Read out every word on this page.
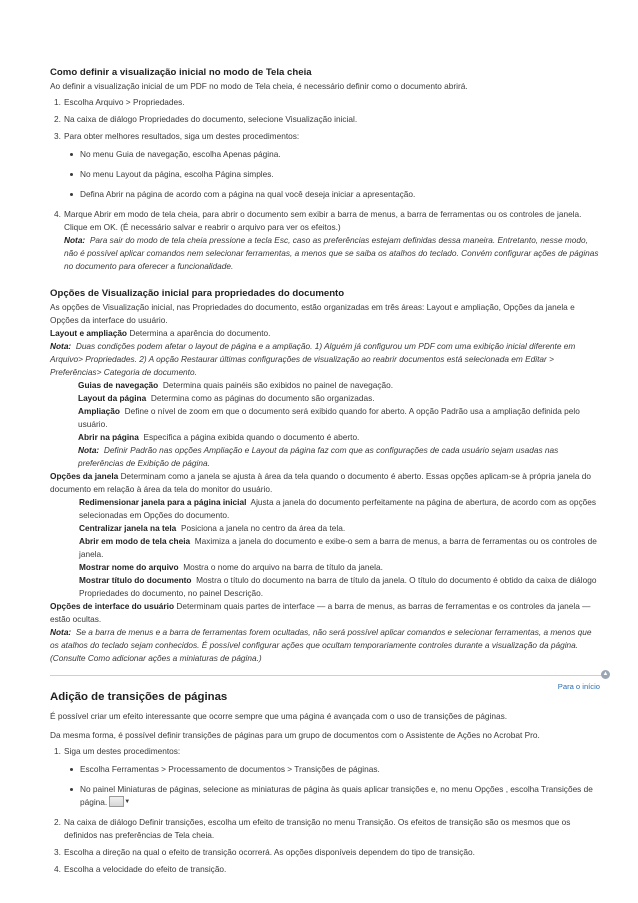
Como definir a visualização inicial no modo de Tela cheia

Ao definir a visualização inicial de um PDF no modo de Tela cheia, é necessário definir como o documento abrirá.

1. Escolha Arquivo > Propriedades.
2. Na caixa de diálogo Propriedades do documento, selecione Visualização inicial.
3. Para obter melhores resultados, siga um destes procedimentos:
No menu Guia de navegação, escolha Apenas página.
No menu Layout da página, escolha Página simples.
Defina Abrir na página de acordo com a página na qual você deseja iniciar a apresentação.
4. Marque Abrir em modo de tela cheia, para abrir o documento sem exibir a barra de menus, a barra de ferramentas ou os controles de janela. Clique em OK. (É necessário salvar e reabrir o arquivo para ver os efeitos.)
Nota: Para sair do modo de tela cheia pressione a tecla Esc, caso as preferências estejam definidas dessa maneira. Entretanto, nesse modo, não é possível aplicar comandos nem selecionar ferramentas, a menos que se saiba os atalhos do teclado. Convém configurar ações de páginas no documento para oferecer a funcionalidade.
Opções de Visualização inicial para propriedades do documento

As opções de Visualização inicial, nas Propriedades do documento, estão organizadas em três áreas: Layout e ampliação, Opções da janela e Opções da interface do usuário.

Layout e ampliação Determina a aparência do documento.

Nota: Duas condições podem afetar o layout de página e a ampliação. 1) Alguém já configurou um PDF com uma exibição inicial diferente em Arquivo> Propriedades. 2) A opção Restaurar últimas configurações de visualização ao reabrir documentos está selecionada em Editar > Preferências> Categoria de documento.

Guias de navegação Determina quais painéis são exibidos no painel de navegação.

Layout da página Determina como as páginas do documento são organizadas.

Ampliação Define o nível de zoom em que o documento será exibido quando for aberto. A opção Padrão usa a ampliação definida pelo usuário.

Abrir na página Especifica a página exibida quando o documento é aberto.

Nota: Definir Padrão nas opções Ampliação e Layout da página faz com que as configurações de cada usuário sejam usadas nas preferências de Exibição de página.

Opções da janela Determinam como a janela se ajusta à área da tela quando o documento é aberto. Essas opções aplicam-se à própria janela do documento em relação à área da tela do monitor do usuário.

Redimensionar janela para a página inicial Ajusta a janela do documento perfeitamente na página de abertura, de acordo com as opções selecionadas em Opções do documento.

Centralizar janela na tela Posiciona a janela no centro da área da tela.

Abrir em modo de tela cheia Maximiza a janela do documento e exibe-o sem a barra de menus, a barra de ferramentas ou os controles de janela.

Mostrar nome do arquivo Mostra o nome do arquivo na barra de título da janela.

Mostrar título do documento Mostra o título do documento na barra de título da janela. O título do documento é obtido da caixa de diálogo Propriedades do documento, no painel Descrição.

Opções de interface do usuário Determinam quais partes de interface — a barra de menus, as barras de ferramentas e os controles da janela — estão ocultas.

Nota: Se a barra de menus e a barra de ferramentas forem ocultadas, não será possível aplicar comandos e selecionar ferramentas, a menos que os atalhos do teclado sejam conhecidos. É possível configurar ações que ocultam temporariamente controles durante a visualização da página. (Consulte Como adicionar ações a miniaturas de página.)

▲
Para o início
Adição de transições de páginas

É possível criar um efeito interessante que ocorre sempre que uma página é avançada com o uso de transições de páginas.

Da mesma forma, é possível definir transições de páginas para um grupo de documentos com o Assistente de Ações no Acrobat Pro.

1. Siga um destes procedimentos:
Escolha Ferramentas > Processamento de documentos > Transições de páginas.
No painel Miniaturas de páginas, selecione as miniaturas de página às quais aplicar transições e, no menu Opções , escolha Transições de página.	▼
2. Na caixa de diálogo Definir transições, escolha um efeito de transição no menu Transição. Os efeitos de transição são os mesmos que os definidos nas preferências de Tela cheia.
3. Escolha a direção na qual o efeito de transição ocorrerá. As opções disponíveis dependem do tipo de transição.
4. Escolha a velocidade do efeito de transição.
